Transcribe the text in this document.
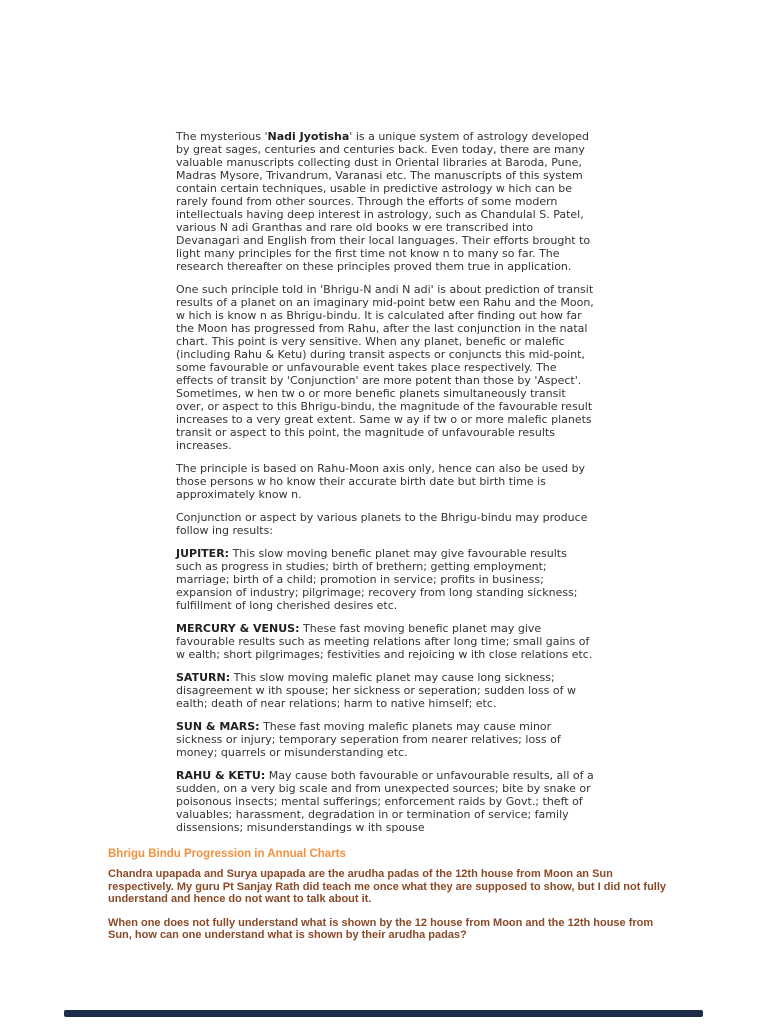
The mysterious 'Nadi Jyotisha' is a unique system of astrology developed by great sages, centuries and centuries back. Even today, there are many valuable manuscripts collecting dust in Oriental libraries at Baroda, Pune, Madras Mysore, Trivandrum, Varanasi etc. The manuscripts of this system contain certain techniques, usable in predictive astrology w hich can be rarely found from other sources. Through the efforts of some modern intellectuals having deep interest in astrology, such as Chandulal S. Patel, various N adi Granthas and rare old books w ere transcribed into Devanagari and English from their local languages. Their efforts brought to light many principles for the first time not know n to many so far. The research thereafter on these principles proved them true in application.

One such principle told in 'Bhrigu-N andi N adi' is about prediction of transit results of a planet on an imaginary mid-point betw een Rahu and the Moon, w hich is know n as Bhrigu-bindu. It is calculated after finding out how far the Moon has progressed from Rahu, after the last conjunction in the natal chart. This point is very sensitive. When any planet, benefic or malefic (including Rahu & Ketu) during transit aspects or conjuncts this mid-point, some favourable or unfavourable event takes place respectively. The effects of transit by 'Conjunction' are more potent than those by 'Aspect'. Sometimes, w hen tw o or more benefic planets simultaneously transit over, or aspect to this Bhrigu-bindu, the magnitude of the favourable result increases to a very great extent. Same w ay if tw o or more malefic planets transit or aspect to this point, the magnitude of unfavourable results increases.

The principle is based on Rahu-Moon axis only, hence can also be used by those persons w ho know their accurate birth date but birth time is approximately know n.

Conjunction or aspect by various planets to the Bhrigu-bindu may produce follow ing results:

JUPITER: This slow moving benefic planet may give favourable results such as progress in studies; birth of brethern; getting employment; marriage; birth of a child; promotion in service; profits in business; expansion of industry; pilgrimage; recovery from long standing sickness; fulfillment of long cherished desires etc.

MERCURY & VENUS: These fast moving benefic planet may give favourable results such as meeting relations after long time; small gains of w ealth; short pilgrimages; festivities and rejoicing w ith close relations etc.

SATURN: This slow moving malefic planet may cause long sickness; disagreement w ith spouse; her sickness or seperation; sudden loss of w ealth; death of near relations; harm to native himself; etc.

SUN & MARS: These fast moving malefic planets may cause minor sickness or injury; temporary seperation from nearer relatives; loss of money; quarrels or misunderstanding etc.

RAHU & KETU: May cause both favourable or unfavourable results, all of a sudden, on a very big scale and from unexpected sources; bite by snake or poisonous insects; mental sufferings; enforcement raids by Govt.; theft of valuables; harassment, degradation in or termination of service; family dissensions; misunderstandings w ith spouse

Bhrigu Bindu Progression in Annual Charts

Chandra upapada and Surya upapada are the arudha padas of the 12th house from Moon an Sun respectively. My guru Pt Sanjay Rath did teach me once what they are supposed to show, but I did not fully understand and hence do not want to talk about it.

When one does not fully understand what is shown by the 12 house from Moon and the 12th house from Sun, how can one understand what is shown by their arudha padas?
